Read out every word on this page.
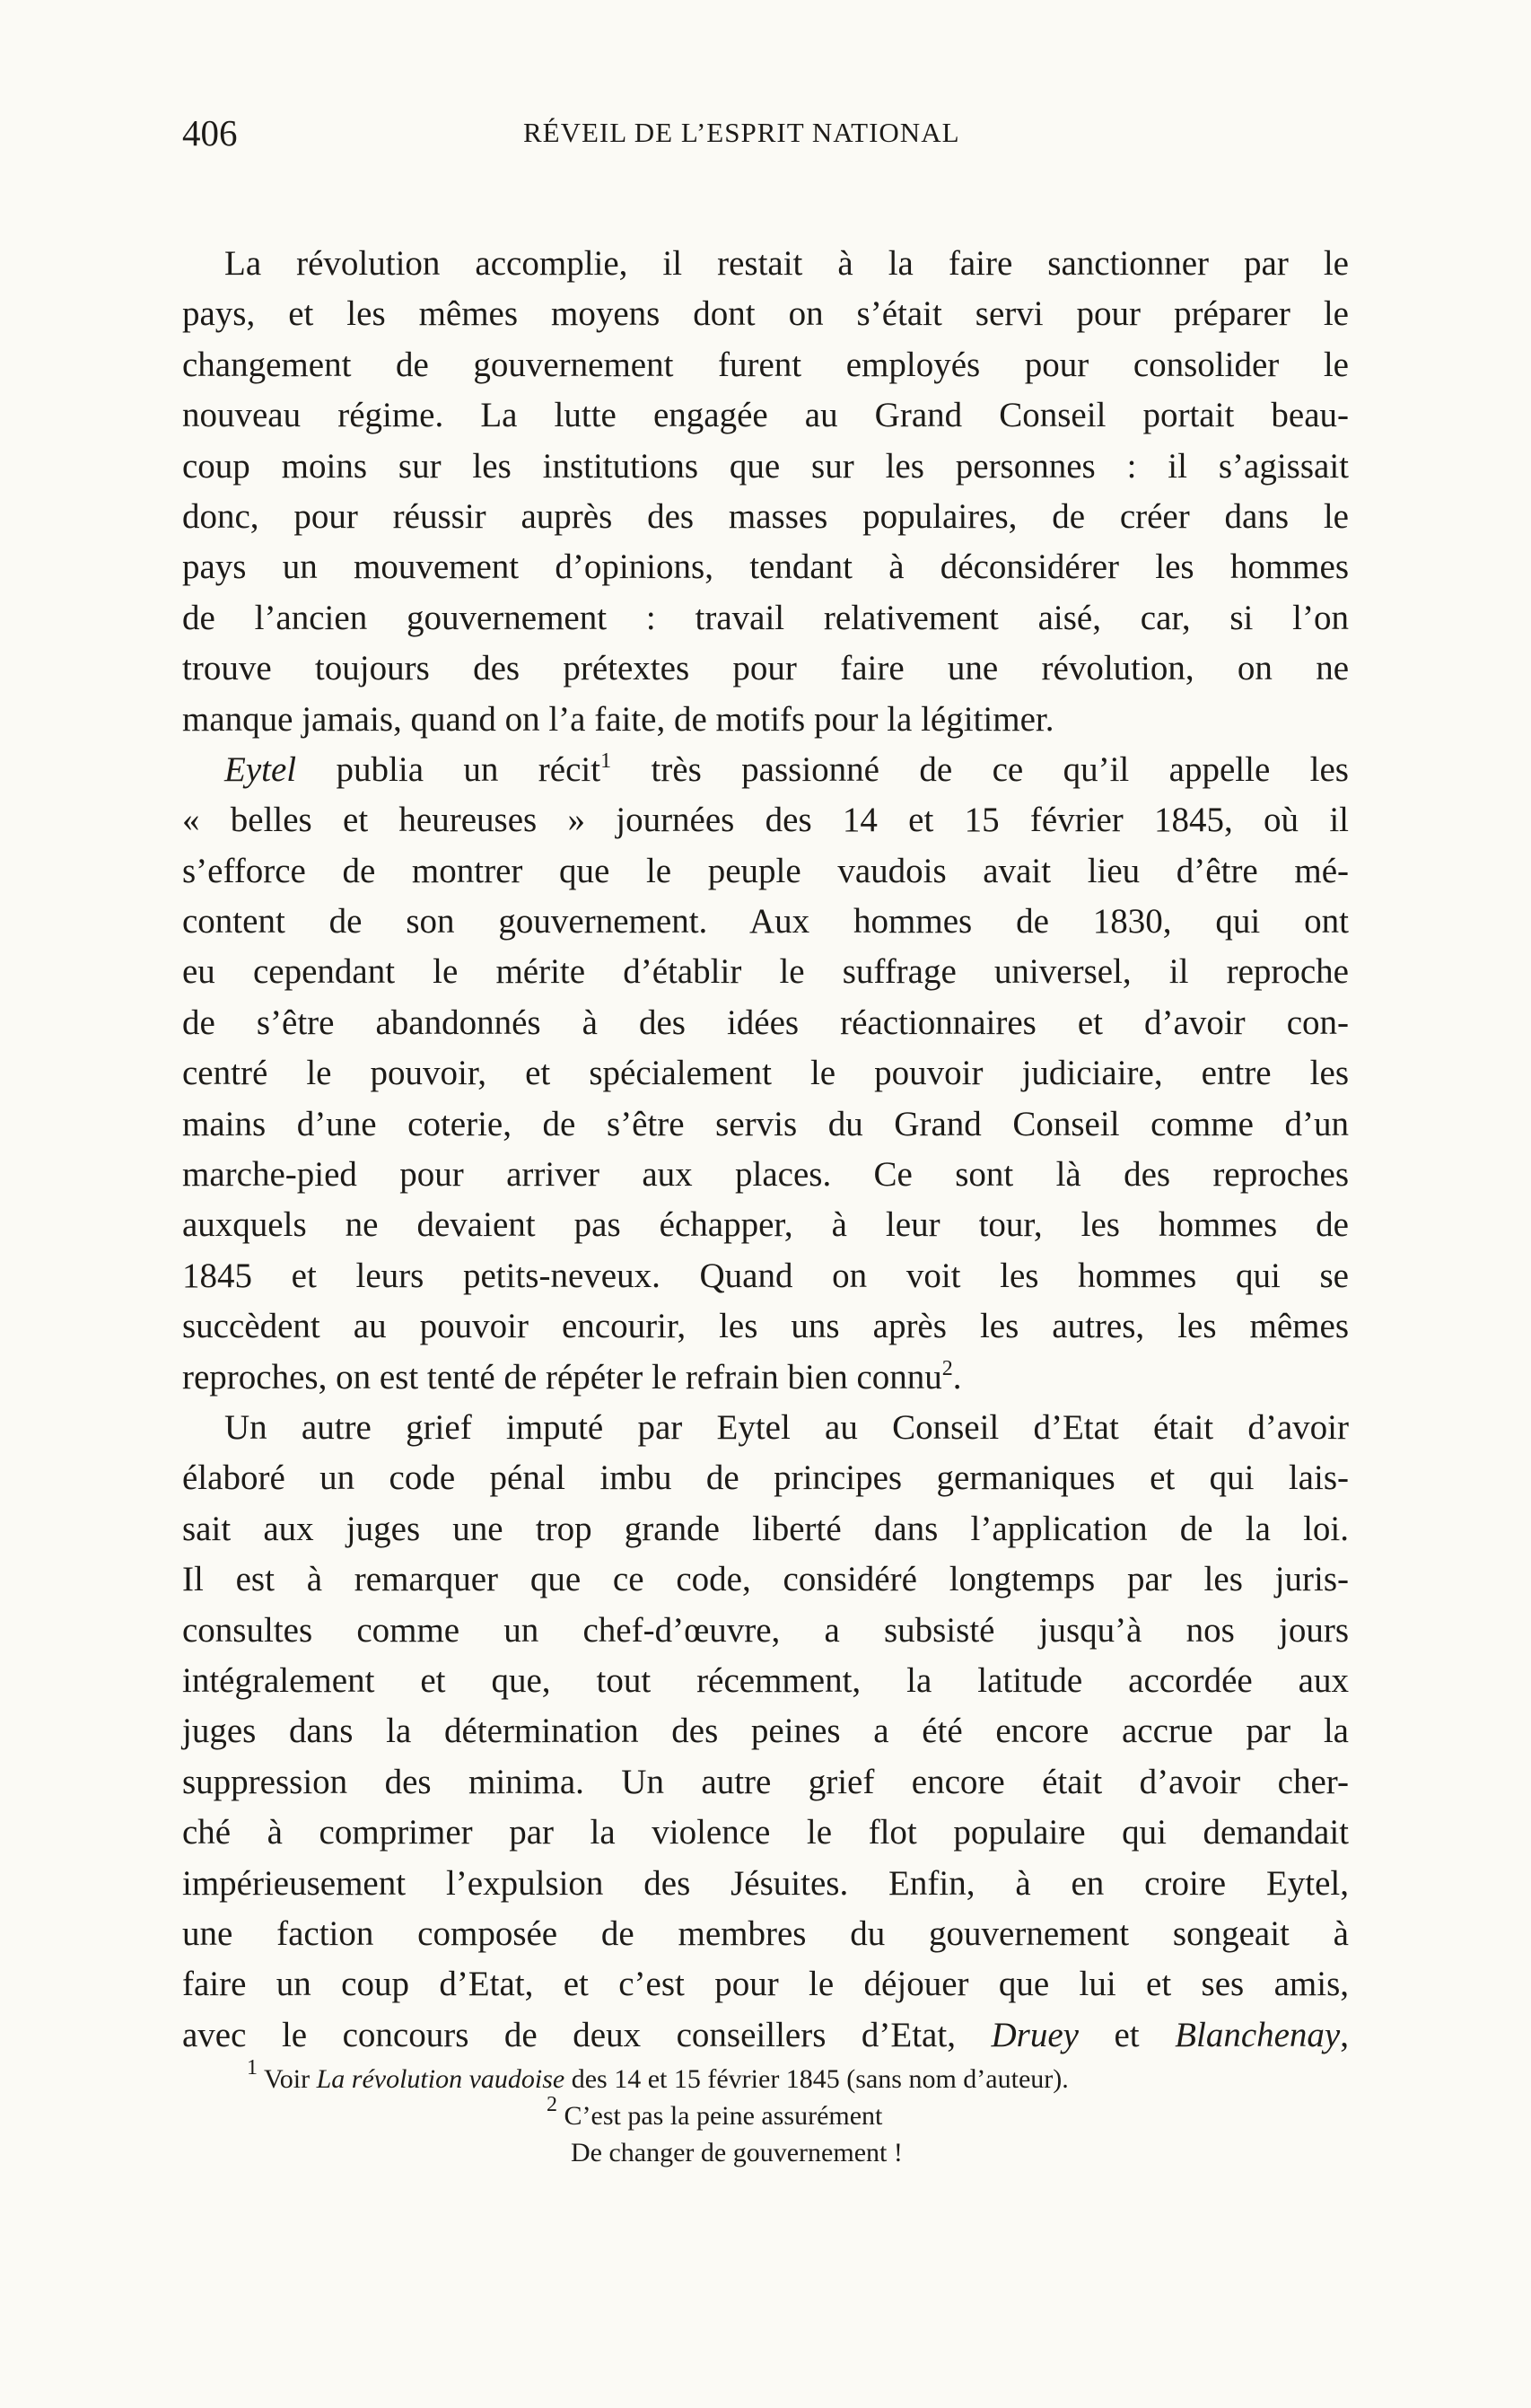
406	RÉVEIL DE L’ESPRIT NATIONAL
La révolution accomplie, il restait à la faire sanctionner par le
pays, et les mêmes moyens dont on s’était servi pour préparer le
changement de gouvernement furent employés pour consolider le
nouveau régime. La lutte engagée au Grand Conseil portait beau-
coup moins sur les institutions que sur les personnes : il s’agissait
donc, pour réussir auprès des masses populaires, de créer dans le
pays un mouvement d’opinions, tendant à déconsidérer les hommes
de l’ancien gouvernement : travail relativement aisé, car, si l’on
trouve toujours des prétextes pour faire une révolution, on ne
manque jamais, quand on l’a faite, de motifs pour la légitimer.
Eytel publia un récit$^1$ très passionné de ce qu’il appelle les
« belles et heureuses » journées des 14 et 15 février 1845, où il
s’efforce de montrer que le peuple vaudois avait lieu d’être mé-
content de son gouvernement. Aux hommes de 1830, qui ont
eu cependant le mérite d’établir le suffrage universel, il reproche
de s’être abandonnés à des idées réactionnaires et d’avoir con-
centré le pouvoir, et spécialement le pouvoir judiciaire, entre les
mains d’une coterie, de s’être servis du Grand Conseil comme d’un
marche-pied pour arriver aux places. Ce sont là des reproches
auxquels ne devaient pas échapper, à leur tour, les hommes de
1845 et leurs petits-neveux. Quand on voit les hommes qui se
succèdent au pouvoir encourir, les uns après les autres, les mêmes
reproches, on est tenté de répéter le refrain bien connu$^2$.
Un autre grief imputé par Eytel au Conseil d’Etat était d’avoir
élaboré un code pénal imbu de principes germaniques et qui lais-
sait aux juges une trop grande liberté dans l’application de la loi.
Il est à remarquer que ce code, considéré longtemps par les juris-
consultes comme un chef-d’œuvre, a subsisté jusqu’à nos jours
intégralement et que, tout récemment, la latitude accordée aux
juges dans la détermination des peines a été encore accrue par la
suppression des minima. Un autre grief encore était d’avoir cher-
ché à comprimer par la violence le flot populaire qui demandait
impérieusement l’expulsion des Jésuites. Enfin, à en croire Eytel,
une faction composée de membres du gouvernement songeait à
faire un coup d’Etat, et c’est pour le déjouer que lui et ses amis,
avec le concours de deux conseillers d’Etat, Druey et Blanchenay,
$^1$ Voir La révolution vaudoise des 14 et 15 février 1845 (sans nom d’auteur).
$^2$ C’est pas la peine assurément
De changer de gouvernement !
